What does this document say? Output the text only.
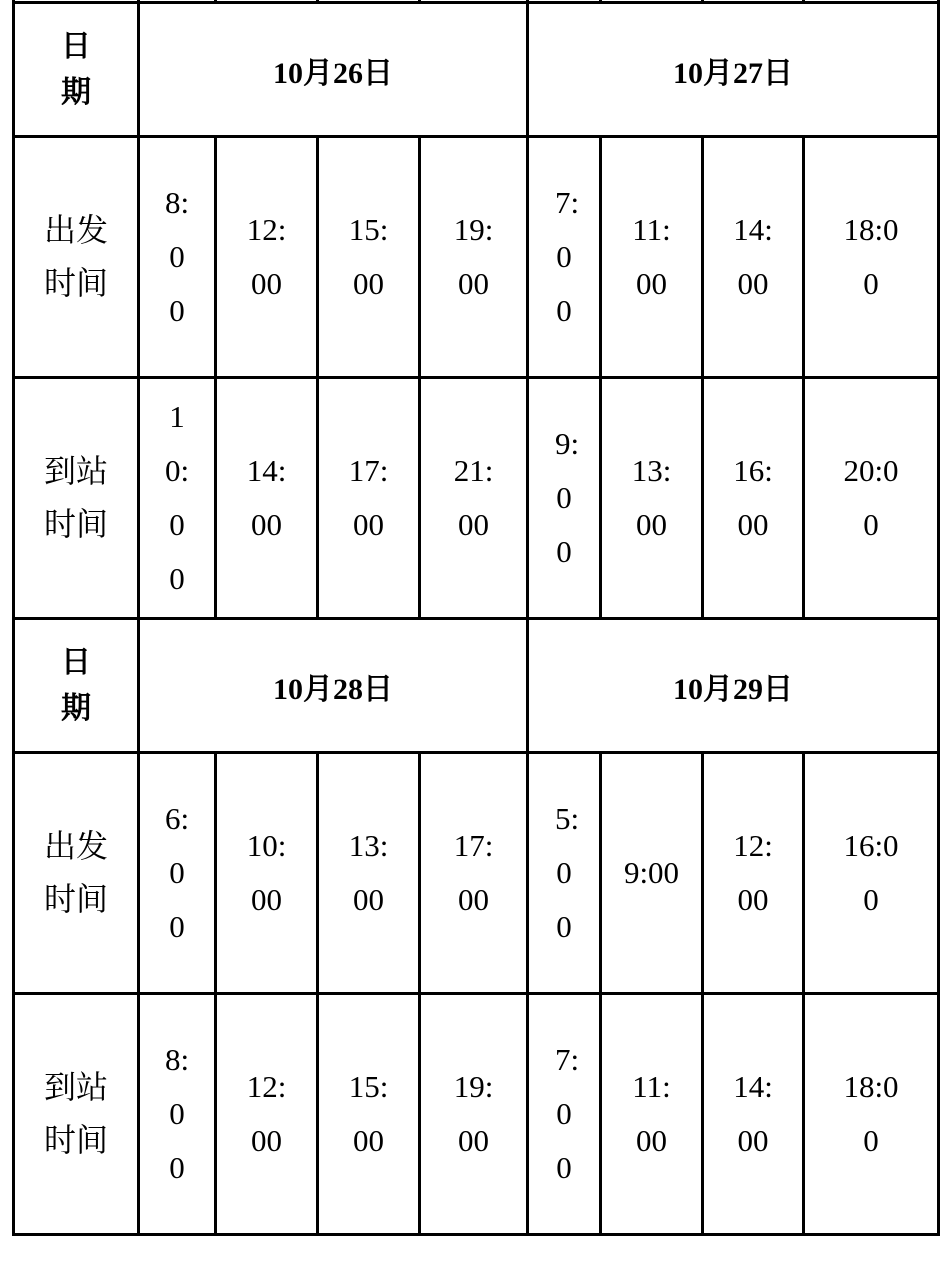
日期	10月26日				10月27日			
出发时间	8:00	12:00	15:00	19:00	7:00	11:00	14:00	18:00
到站时间	10:00	14:00	17:00	21:00	9:00	13:00	16:00	20:00
日期	10月28日				10月29日			
出发时间	6:00	10:00	13:00	17:00	5:00	9:00	12:00	16:00
到站时间	8:00	12:00	15:00	19:00	7:00	11:00	14:00	18:00
